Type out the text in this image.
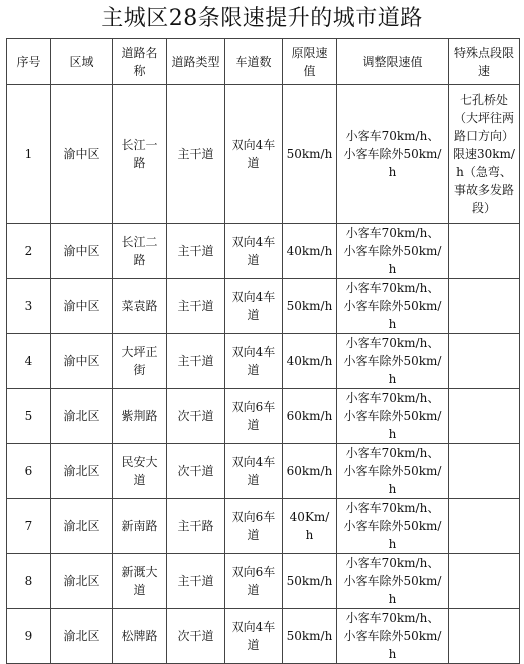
主城区28条限速提升的城市道路
序号	区域	道路名称	道路类型	车道数	原限速值	调整限速值	特殊点段限速
1	渝中区	长江一路	主干道	双向4车道	50km/h	小客车70km/h、小客车除外50km/h	七孔桥处（大坪往两路口方向）限速30km/h（急弯、事故多发路段）
2	渝中区	长江二路	主干道	双向4车道	40km/h	小客车70km/h、小客车除外50km/h	
3	渝中区	菜袁路	主干道	双向4车道	50km/h	小客车70km/h、小客车除外50km/h	
4	渝中区	大坪正街	主干道	双向4车道	40km/h	小客车70km/h、小客车除外50km/h	
5	渝北区	紫荆路	次干道	双向6车道	60km/h	小客车70km/h、小客车除外50km/h	
6	渝北区	民安大道	次干道	双向4车道	60km/h	小客车70km/h、小客车除外50km/h	
7	渝北区	新南路	主干路	双向6车道	40Km/h	小客车70km/h、小客车除外50km/h	
8	渝北区	新溉大道	主干道	双向6车道	50km/h	小客车70km/h、小客车除外50km/h	
9	渝北区	松牌路	次干道	双向4车道	50km/h	小客车70km/h、小客车除外50km/h	
